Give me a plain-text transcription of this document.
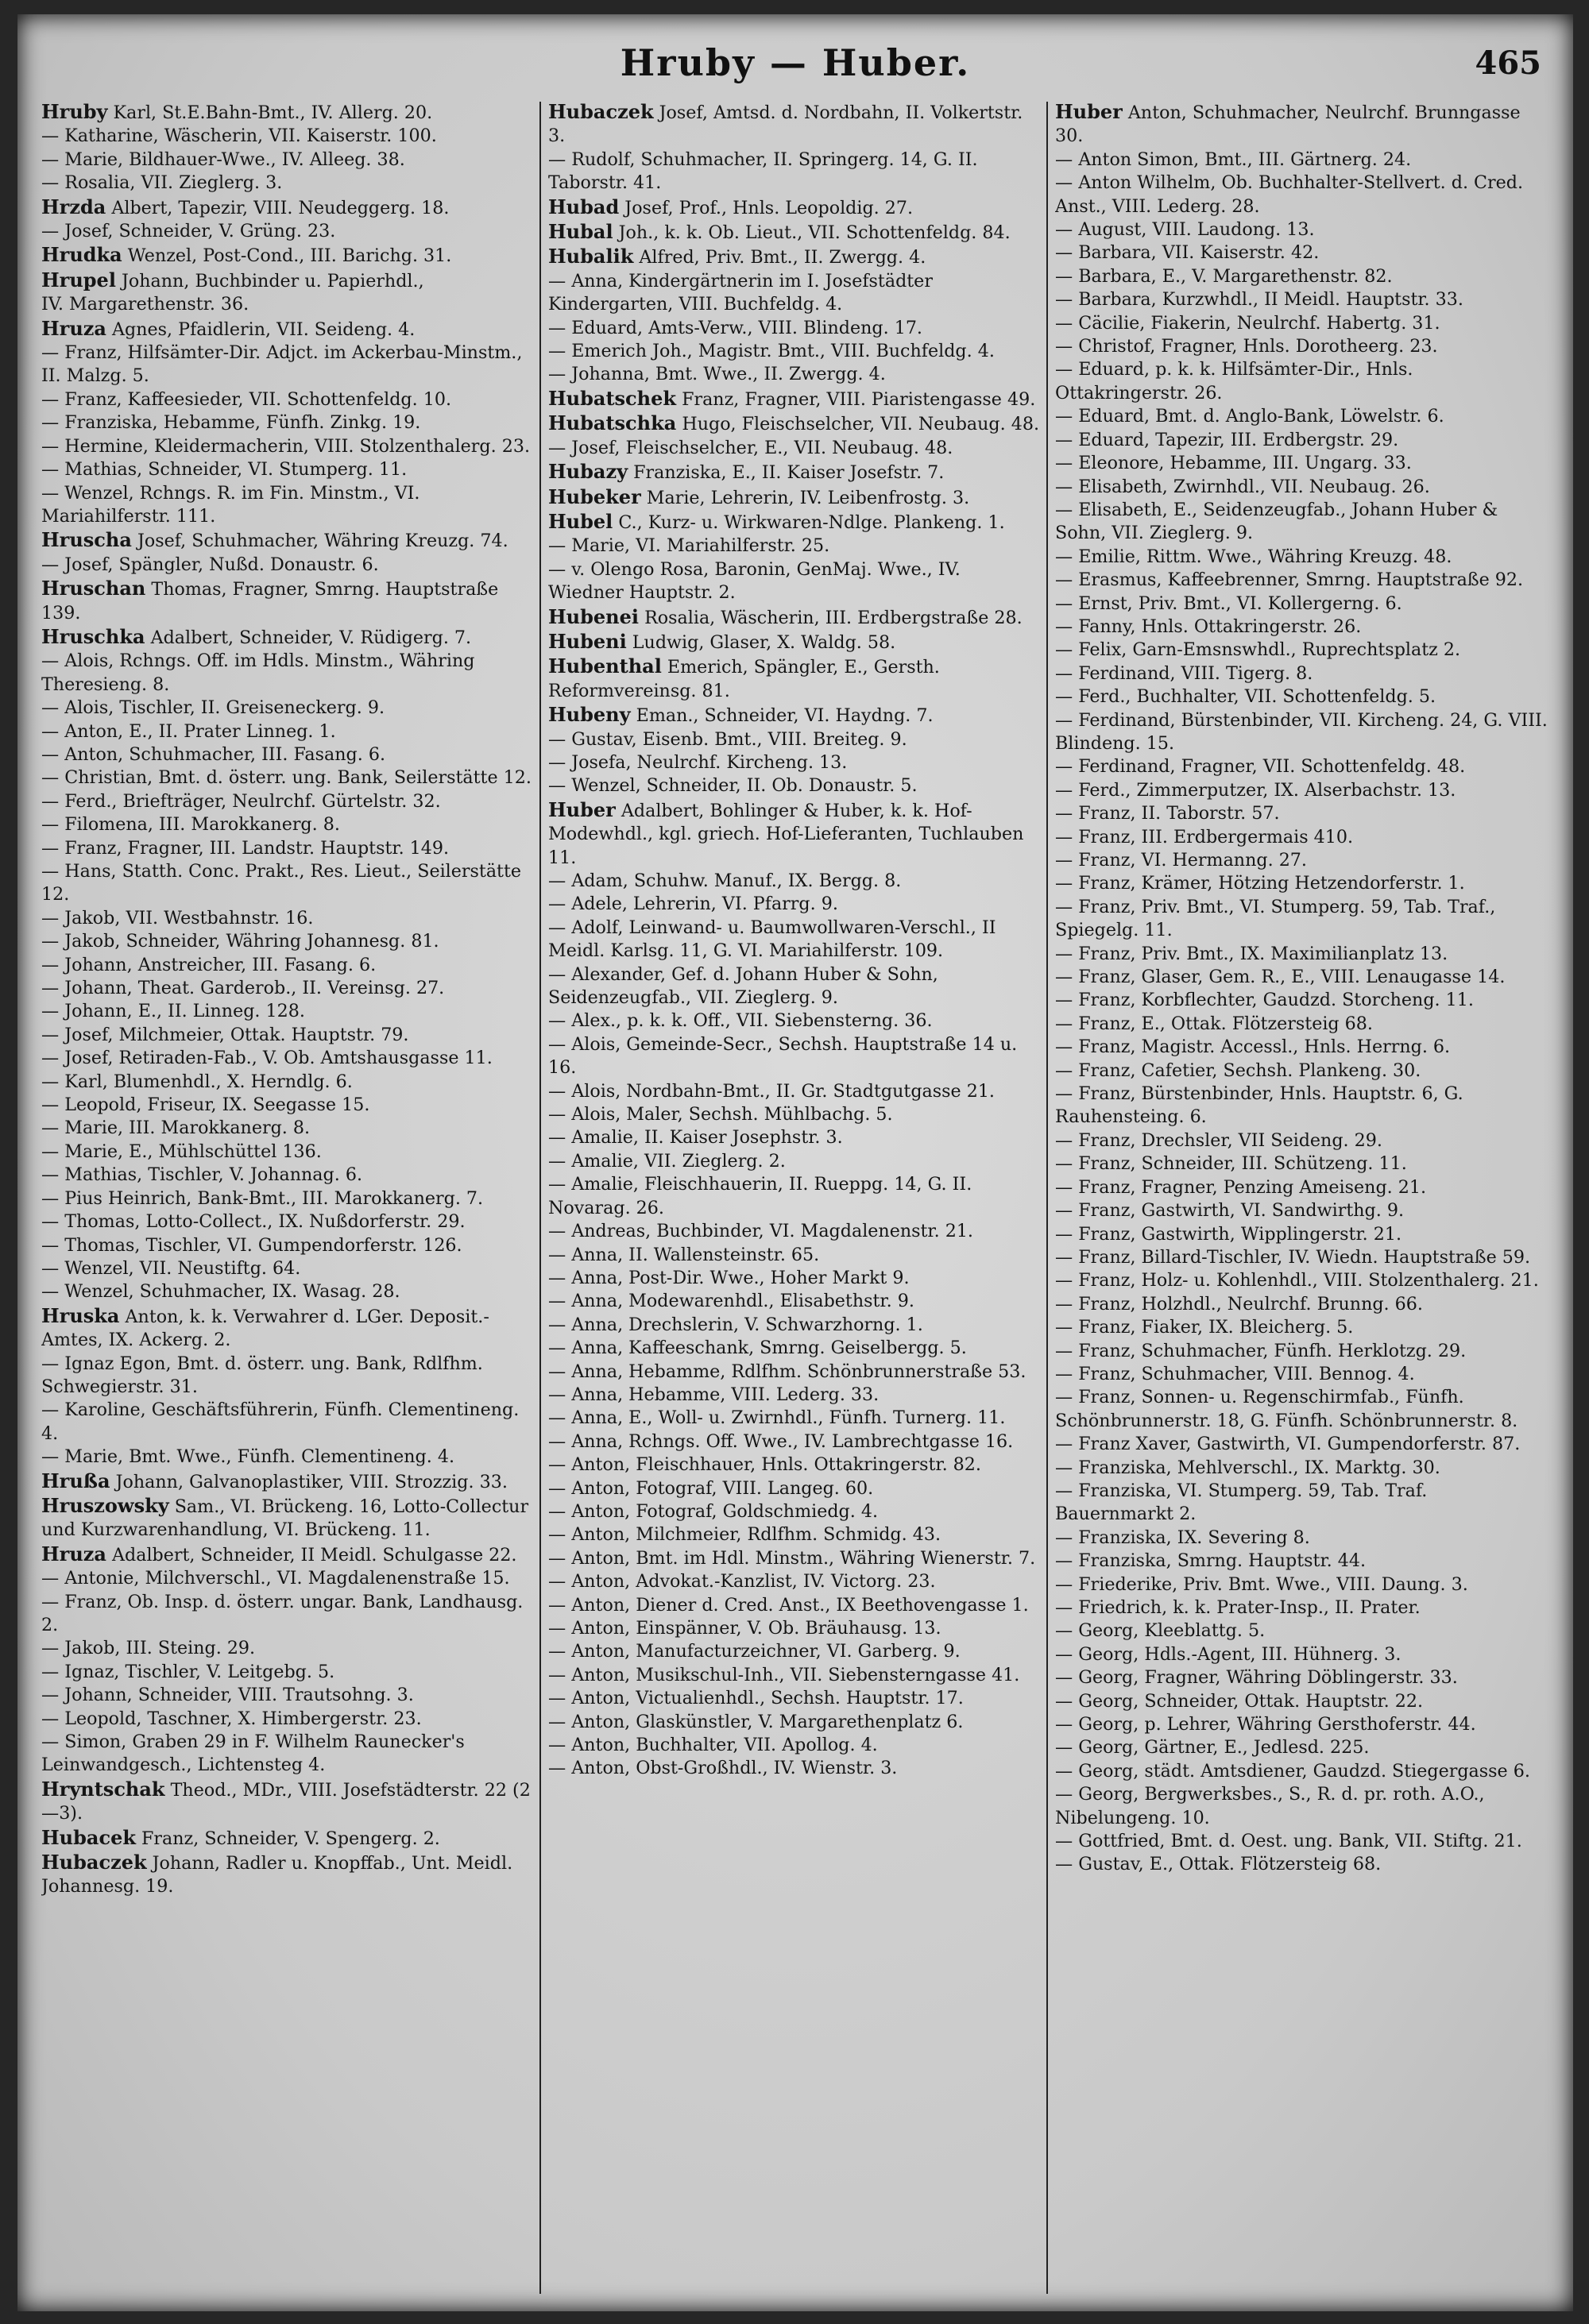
Hruby — Huber.	465
Hruby Karl, St.E.Bahn-Bmt., IV. Allerg. 20.
— Katharine, Wäscherin, VII. Kaiserstr. 100.
— Marie, Bildhauer-Wwe., IV. Alleeg. 38.
— Rosalia, VII. Zieglerg. 3.
Hrzda Albert, Tapezir, VIII. Neudeggerg. 18.
— Josef, Schneider, V. Grüng. 23.
Hrudka Wenzel, Post-Cond., III. Barichg. 31.
Hrupel Johann, Buchbinder u. Papierhdl.,
IV. Margarethenstr. 36.
Hruza Agnes, Pfaidlerin, VII. Seideng. 4.
— Franz, Hilfsämter-Dir. Adjct. im Ackerbau-Minstm., II. Malzg. 5.
— Franz, Kaffeesieder, VII. Schottenfeldg. 10.
— Franziska, Hebamme, Fünfh. Zinkg. 19.
— Hermine, Kleidermacherin, VIII. Stolzenthalerg. 23.
— Mathias, Schneider, VI. Stumperg. 11.
— Wenzel, Rchngs. R. im Fin. Minstm., VI. Mariahilferstr. 111.
Hruscha Josef, Schuhmacher, Währing Kreuzg. 74.
— Josef, Spängler, Nußd. Donaustr. 6.
Hruschan Thomas, Fragner, Smrng. Hauptstraße 139.
Hruschka Adalbert, Schneider, V. Rüdigerg. 7.
— Alois, Rchngs. Off. im Hdls. Minstm., Währing Theresieng. 8.
— Alois, Tischler, II. Greiseneckerg. 9.
— Anton, E., II. Prater Linneg. 1.
— Anton, Schuhmacher, III. Fasang. 6.
— Christian, Bmt. d. österr. ung. Bank, Seilerstätte 12.
— Ferd., Briefträger, Neulrchf. Gürtelstr. 32.
— Filomena, III. Marokkanerg. 8.
— Franz, Fragner, III. Landstr. Hauptstr. 149.
— Hans, Statth. Conc. Prakt., Res. Lieut., Seilerstätte 12.
— Jakob, VII. Westbahnstr. 16.
— Jakob, Schneider, Währing Johannesg. 81.
— Johann, Anstreicher, III. Fasang. 6.
— Johann, Theat. Garderob., II. Vereinsg. 27.
— Johann, E., II. Linneg. 128.
— Josef, Milchmeier, Ottak. Hauptstr. 79.
— Josef, Retiraden-Fab., V. Ob. Amtshausgasse 11.
— Karl, Blumenhdl., X. Herndlg. 6.
— Leopold, Friseur, IX. Seegasse 15.
— Marie, III. Marokkanerg. 8.
— Marie, E., Mühlschüttel 136.
— Mathias, Tischler, V. Johannag. 6.
— Pius Heinrich, Bank-Bmt., III. Marokkanerg. 7.
— Thomas, Lotto-Collect., IX. Nußdorferstr. 29.
— Thomas, Tischler, VI. Gumpendorferstr. 126.
— Wenzel, VII. Neustiftg. 64.
— Wenzel, Schuhmacher, IX. Wasag. 28.
Hruska Anton, k. k. Verwahrer d. LGer. Deposit.-Amtes, IX. Ackerg. 2.
— Ignaz Egon, Bmt. d. österr. ung. Bank, Rdlfhm. Schwegierstr. 31.
— Karoline, Geschäftsführerin, Fünfh. Clementineng. 4.
— Marie, Bmt. Wwe., Fünfh. Clementineng. 4.
Hrußa Johann, Galvanoplastiker, VIII. Strozzig. 33.
Hruszowsky Sam., VI. Brückeng. 16, Lotto-Collectur und Kurzwarenhandlung, VI. Brückeng. 11.
Hruza Adalbert, Schneider, II Meidl. Schulgasse 22.
— Antonie, Milchverschl., VI. Magdalenenstraße 15.
— Franz, Ob. Insp. d. österr. ungar. Bank, Landhausg. 2.
— Jakob, III. Steing. 29.
— Ignaz, Tischler, V. Leitgebg. 5.
— Johann, Schneider, VIII. Trautsohng. 3.
— Leopold, Taschner, X. Himbergerstr. 23.
— Simon, Graben 29 in F. Wilhelm Raunecker's Leinwandgesch., Lichtensteg 4.
Hryntschak Theod., MDr., VIII. Josefstädterstr. 22 (2—3).
Hubacek Franz, Schneider, V. Spengerg. 2.
Hubaczek Johann, Radler u. Knopffab., Unt. Meidl. Johannesg. 19.
Hubaczek Josef, Amtsd. d. Nordbahn, II. Volkertstr. 3.
— Rudolf, Schuhmacher, II. Springerg. 14, G. II. Taborstr. 41.
Hubad Josef, Prof., Hnls. Leopoldig. 27.
Hubal Joh., k. k. Ob. Lieut., VII. Schottenfeldg. 84.
Hubalik Alfred, Priv. Bmt., II. Zwergg. 4.
— Anna, Kindergärtnerin im I. Josefstädter Kindergarten, VIII. Buchfeldg. 4.
— Eduard, Amts-Verw., VIII. Blindeng. 17.
— Emerich Joh., Magistr. Bmt., VIII. Buchfeldg. 4.
— Johanna, Bmt. Wwe., II. Zwergg. 4.
Hubatschek Franz, Fragner, VIII. Piaristengasse 49.
Hubatschka Hugo, Fleischselcher, VII. Neubaug. 48.
— Josef, Fleischselcher, E., VII. Neubaug. 48.
Hubazy Franziska, E., II. Kaiser Josefstr. 7.
Hubeker Marie, Lehrerin, IV. Leibenfrostg. 3.
Hubel C., Kurz- u. Wirkwaren-Ndlge. Plankeng. 1.
— Marie, VI. Mariahilferstr. 25.
— v. Olengo Rosa, Baronin, GenMaj. Wwe., IV. Wiedner Hauptstr. 2.
Hubenei Rosalia, Wäscherin, III. Erdbergstraße 28.
Hubeni Ludwig, Glaser, X. Waldg. 58.
Hubenthal Emerich, Spängler, E., Gersth. Reformvereinsg. 81.
Hubeny Eman., Schneider, VI. Haydng. 7.
— Gustav, Eisenb. Bmt., VIII. Breiteg. 9.
— Josefa, Neulrchf. Kircheng. 13.
— Wenzel, Schneider, II. Ob. Donaustr. 5.
Huber Adalbert, Bohlinger & Huber, k. k. Hof-Modewhdl., kgl. griech. Hof-Lieferanten, Tuchlauben 11.
— Adam, Schuhw. Manuf., IX. Bergg. 8.
— Adele, Lehrerin, VI. Pfarrg. 9.
— Adolf, Leinwand- u. Baumwollwaren-Verschl., II Meidl. Karlsg. 11, G. VI. Mariahilferstr. 109.
— Alexander, Gef. d. Johann Huber & Sohn, Seidenzeugfab., VII. Zieglerg. 9.
— Alex., p. k. k. Off., VII. Siebensterng. 36.
— Alois, Gemeinde-Secr., Sechsh. Hauptstraße 14 u. 16.
— Alois, Nordbahn-Bmt., II. Gr. Stadtgutgasse 21.
— Alois, Maler, Sechsh. Mühlbachg. 5.
— Amalie, II. Kaiser Josephstr. 3.
— Amalie, VII. Zieglerg. 2.
— Amalie, Fleischhauerin, II. Rueppg. 14, G. II. Novarag. 26.
— Andreas, Buchbinder, VI. Magdalenenstr. 21.
— Anna, II. Wallensteinstr. 65.
— Anna, Post-Dir. Wwe., Hoher Markt 9.
— Anna, Modewarenhdl., Elisabethstr. 9.
— Anna, Drechslerin, V. Schwarzhorng. 1.
— Anna, Kaffeeschank, Smrng. Geiselbergg. 5.
— Anna, Hebamme, Rdlfhm. Schönbrunnerstraße 53.
— Anna, Hebamme, VIII. Lederg. 33.
— Anna, E., Woll- u. Zwirnhdl., Fünfh. Turnerg. 11.
— Anna, Rchngs. Off. Wwe., IV. Lambrechtgasse 16.
— Anton, Fleischhauer, Hnls. Ottakringerstr. 82.
— Anton, Fotograf, VIII. Langeg. 60.
— Anton, Fotograf, Goldschmiedg. 4.
— Anton, Milchmeier, Rdlfhm. Schmidg. 43.
— Anton, Bmt. im Hdl. Minstm., Währing Wienerstr. 7.
— Anton, Advokat.-Kanzlist, IV. Victorg. 23.
— Anton, Diener d. Cred. Anst., IX Beethovengasse 1.
— Anton, Einspänner, V. Ob. Bräuhausg. 13.
— Anton, Manufacturzeichner, VI. Garberg. 9.
— Anton, Musikschul-Inh., VII. Siebensterngasse 41.
— Anton, Victualienhdl., Sechsh. Hauptstr. 17.
— Anton, Glaskünstler, V. Margarethenplatz 6.
— Anton, Buchhalter, VII. Apollog. 4.
— Anton, Obst-Großhdl., IV. Wienstr. 3.
Huber Anton, Schuhmacher, Neulrchf. Brunngasse 30.
— Anton Simon, Bmt., III. Gärtnerg. 24.
— Anton Wilhelm, Ob. Buchhalter-Stellvert. d. Cred. Anst., VIII. Lederg. 28.
— August, VIII. Laudong. 13.
— Barbara, VII. Kaiserstr. 42.
— Barbara, E., V. Margarethenstr. 82.
— Barbara, Kurzwhdl., II Meidl. Hauptstr. 33.
— Cäcilie, Fiakerin, Neulrchf. Habertg. 31.
— Christof, Fragner, Hnls. Dorotheerg. 23.
— Eduard, p. k. k. Hilfsämter-Dir., Hnls. Ottakringerstr. 26.
— Eduard, Bmt. d. Anglo-Bank, Löwelstr. 6.
— Eduard, Tapezir, III. Erdbergstr. 29.
— Eleonore, Hebamme, III. Ungarg. 33.
— Elisabeth, Zwirnhdl., VII. Neubaug. 26.
— Elisabeth, E., Seidenzeugfab., Johann Huber & Sohn, VII. Zieglerg. 9.
— Emilie, Rittm. Wwe., Währing Kreuzg. 48.
— Erasmus, Kaffeebrenner, Smrng. Hauptstraße 92.
— Ernst, Priv. Bmt., VI. Kollergerng. 6.
— Fanny, Hnls. Ottakringerstr. 26.
— Felix, Garn-Emsnswhdl., Ruprechtsplatz 2.
— Ferdinand, VIII. Tigerg. 8.
— Ferd., Buchhalter, VII. Schottenfeldg. 5.
— Ferdinand, Bürstenbinder, VII. Kircheng. 24, G. VIII. Blindeng. 15.
— Ferdinand, Fragner, VII. Schottenfeldg. 48.
— Ferd., Zimmerputzer, IX. Alserbachstr. 13.
— Franz, II. Taborstr. 57.
— Franz, III. Erdbergermais 410.
— Franz, VI. Hermanng. 27.
— Franz, Krämer, Hötzing Hetzendorferstr. 1.
— Franz, Priv. Bmt., VI. Stumperg. 59, Tab. Traf., Spiegelg. 11.
— Franz, Priv. Bmt., IX. Maximilianplatz 13.
— Franz, Glaser, Gem. R., E., VIII. Lenaugasse 14.
— Franz, Korbflechter, Gaudzd. Storcheng. 11.
— Franz, E., Ottak. Flötzersteig 68.
— Franz, Magistr. Accessl., Hnls. Herrng. 6.
— Franz, Cafetier, Sechsh. Plankeng. 30.
— Franz, Bürstenbinder, Hnls. Hauptstr. 6, G. Rauhensteing. 6.
— Franz, Drechsler, VII Seideng. 29.
— Franz, Schneider, III. Schützeng. 11.
— Franz, Fragner, Penzing Ameiseng. 21.
— Franz, Gastwirth, VI. Sandwirthg. 9.
— Franz, Gastwirth, Wipplingerstr. 21.
— Franz, Billard-Tischler, IV. Wiedn. Hauptstraße 59.
— Franz, Holz- u. Kohlenhdl., VIII. Stolzenthalerg. 21.
— Franz, Holzhdl., Neulrchf. Brunng. 66.
— Franz, Fiaker, IX. Bleicherg. 5.
— Franz, Schuhmacher, Fünfh. Herklotzg. 29.
— Franz, Schuhmacher, VIII. Bennog. 4.
— Franz, Sonnen- u. Regenschirmfab., Fünfh. Schönbrunnerstr. 18, G. Fünfh. Schönbrunnerstr. 8.
— Franz Xaver, Gastwirth, VI. Gumpendorferstr. 87.
— Franziska, Mehlverschl., IX. Marktg. 30.
— Franziska, VI. Stumperg. 59, Tab. Traf. Bauernmarkt 2.
— Franziska, IX. Severing 8.
— Franziska, Smrng. Hauptstr. 44.
— Friederike, Priv. Bmt. Wwe., VIII. Daung. 3.
— Friedrich, k. k. Prater-Insp., II. Prater.
— Georg, Kleeblattg. 5.
— Georg, Hdls.-Agent, III. Hühnerg. 3.
— Georg, Fragner, Währing Döblingerstr. 33.
— Georg, Schneider, Ottak. Hauptstr. 22.
— Georg, p. Lehrer, Währing Gersthoferstr. 44.
— Georg, Gärtner, E., Jedlesd. 225.
— Georg, städt. Amtsdiener, Gaudzd. Stiegergasse 6.
— Georg, Bergwerksbes., S., R. d. pr. roth. A.O., Nibelungeng. 10.
— Gottfried, Bmt. d. Oest. ung. Bank, VII. Stiftg. 21.
— Gustav, E., Ottak. Flötzersteig 68.
